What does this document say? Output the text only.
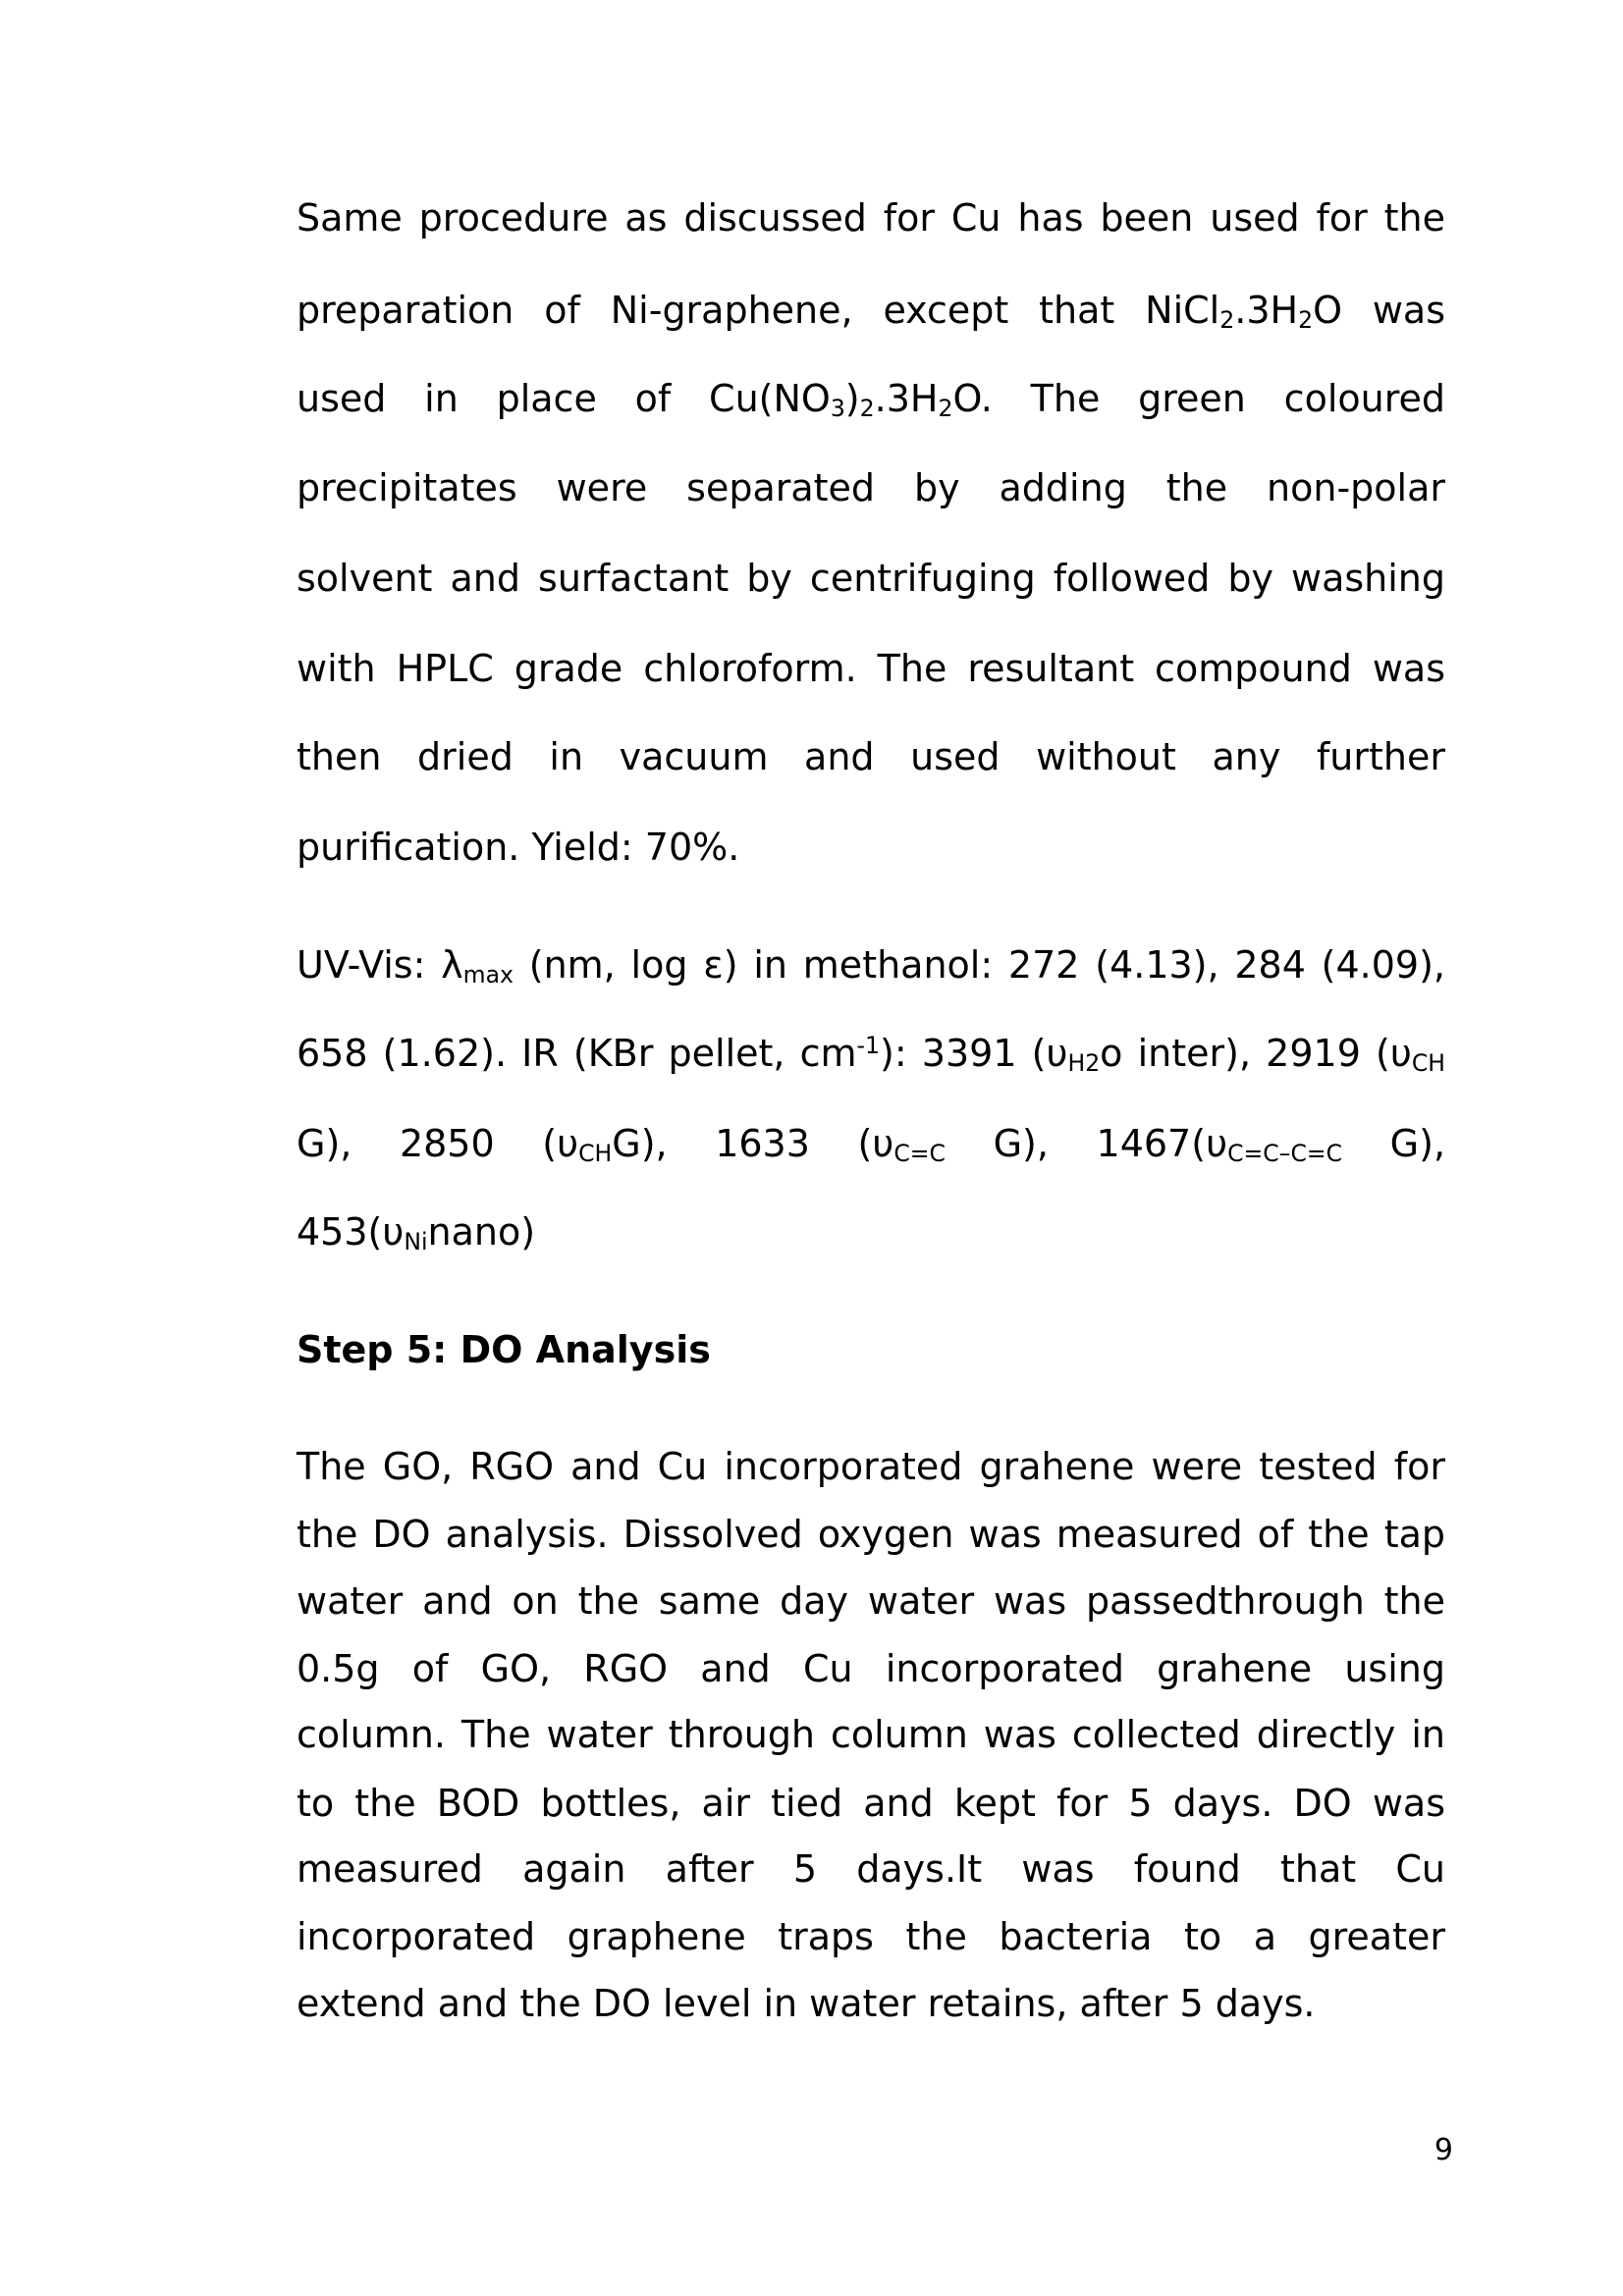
Same procedure as discussed for Cu has been used for the
preparation of Ni-graphene, except that $NiCl_2.3H_2O$ was
used in place of $Cu(NO_3)_2.3H_2O$. The green coloured
precipitates were separated by adding the non-polar
solvent and surfactant by centrifuging followed by washing
with HPLC grade chloroform. The resultant compound was
then dried in vacuum and used without any further
purification. Yield: 70%.
UV-Vis: $\lambda_{max}$ (nm, log ε) in methanol: 272 (4.13), 284 (4.09),
658 (1.62). IR (KBr pellet, $cm^{-1}$): 3391 ($\upsilon_{H2}o$ inter), 2919 ($\upsilon_{CH}$
G), 2850 $(\upsilon_{CH}G)$, 1633 ($\upsilon_{C=C}$ G), $1467(\upsilon_{C=C-C=C}$ G),
$453(\upsilon_{Ni}nano)$
Step 5: DO Analysis
The GO, RGO and Cu incorporated grahene were tested for
the DO analysis. Dissolved oxygen was measured of the tap
water and on the same day water was passedthrough the
0.5g of GO, RGO and Cu incorporated grahene using
column. The water through column was collected directly in
to the BOD bottles, air tied and kept for 5 days. DO was
measured again after 5 days.It was found that Cu
incorporated graphene traps the bacteria to a greater
extend and the DO level in water retains, after 5 days.
9
